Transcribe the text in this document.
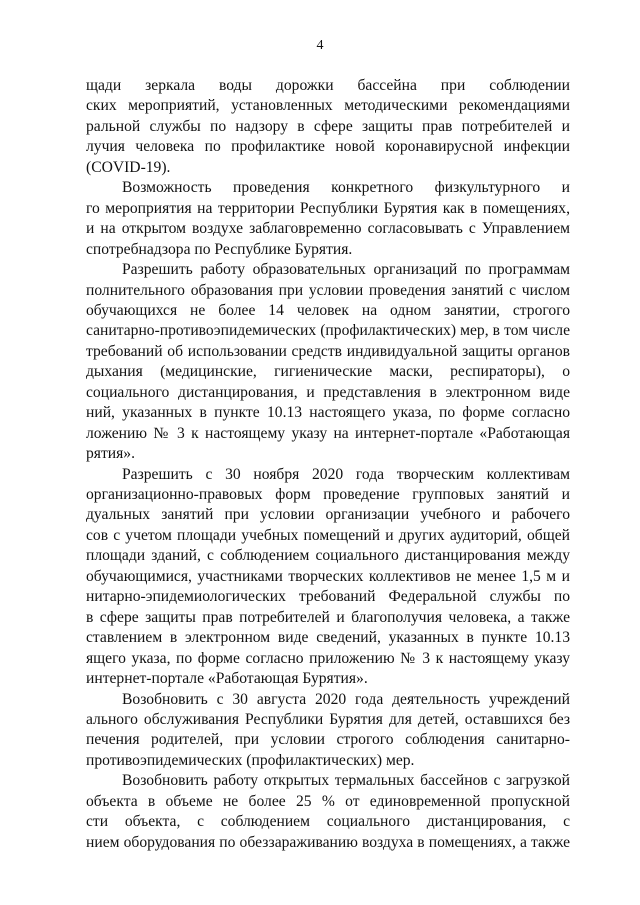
4
щади зеркала воды дорожки бассейна при соблюдении
ских мероприятий, установленных методическими рекомендациями
ральной службы по надзору в сфере защиты прав потребителей и
лучия человека по профилактике новой коронавирусной инфекции
(COVID-19).
Возможность проведения конкретного физкультурного и
го мероприятия на территории Республики Бурятия как в помещениях,
и на открытом воздухе заблаговременно согласовывать с Управлением
спотребнадзора по Республике Бурятия.
Разрешить работу образовательных организаций по программам
полнительного образования при условии проведения занятий с числом
обучающихся не более 14 человек на одном занятии, строгого
санитарно-противоэпидемических (профилактических) мер, в том числе
требований об использовании средств индивидуальной защиты органов
дыхания (медицинские, гигиенические маски, респираторы), о
социального дистанцирования, и представления в электронном виде
ний, указанных в пункте 10.13 настоящего указа, по форме согласно
ложению № 3 к настоящему указу на интернет-портале «Работающая
рятия».
Разрешить с 30 ноября 2020 года творческим коллективам
организационно-правовых форм проведение групповых занятий и
дуальных занятий при условии организации учебного и рабочего
сов с учетом площади учебных помещений и других аудиторий, общей
площади зданий, с соблюдением социального дистанцирования между
обучающимися, участниками творческих коллективов не менее 1,5 м и
нитарно-эпидемиологических требований Федеральной службы по
в сфере защиты прав потребителей и благополучия человека, а также
ставлением в электронном виде сведений, указанных в пункте 10.13
ящего указа, по форме согласно приложению № 3 к настоящему указу
интернет-портале «Работающая Бурятия».
Возобновить с 30 августа 2020 года деятельность учреждений
ального обслуживания Республики Бурятия для детей, оставшихся без
печения родителей, при условии строгого соблюдения санитарно-
противоэпидемических (профилактических) мер.
Возобновить работу открытых термальных бассейнов с загрузкой
объекта в объеме не более 25 % от единовременной пропускной
сти объекта, с соблюдением социального дистанцирования, с
нием оборудования по обеззараживанию воздуха в помещениях, а также
